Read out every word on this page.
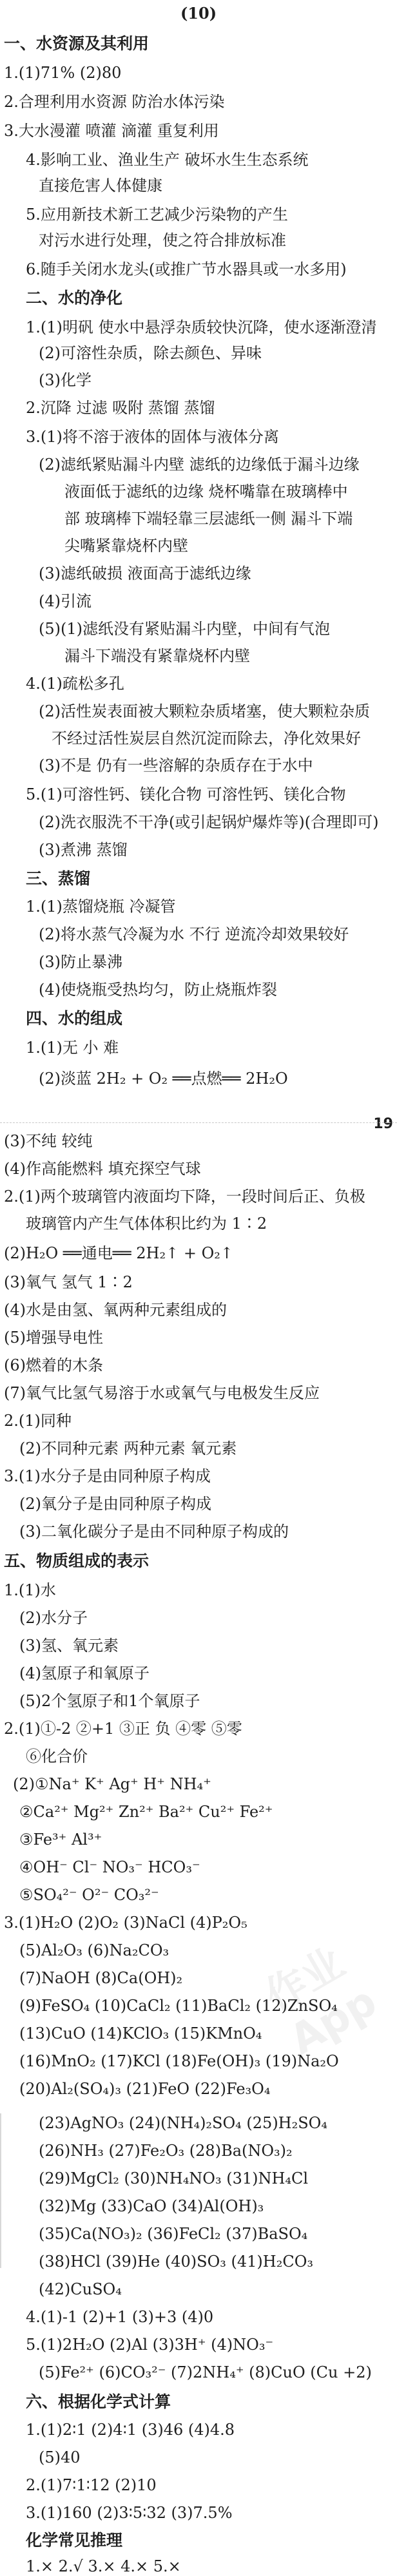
(10)
19
作业App
一、水资源及其利用
1.(1)71% (2)80
2.合理利用水资源 防治水体污染
3.大水漫灌 喷灌 滴灌 重复利用
4.影响工业、渔业生产 破坏水生生态系统
直接危害人体健康
5.应用新技术新工艺减少污染物的产生
对污水进行处理，使之符合排放标准
6.随手关闭水龙头(或推广节水器具或一水多用)
二、水的净化
1.(1)明矾 使水中悬浮杂质较快沉降，使水逐渐澄清
(2)可溶性杂质，除去颜色、异味
(3)化学
2.沉降 过滤 吸附 蒸馏 蒸馏
3.(1)将不溶于液体的固体与液体分离
(2)滤纸紧贴漏斗内壁 滤纸的边缘低于漏斗边缘
液面低于滤纸的边缘 烧杯嘴靠在玻璃棒中
部 玻璃棒下端轻靠三层滤纸一侧 漏斗下端
尖嘴紧靠烧杯内壁
(3)滤纸破损 液面高于滤纸边缘
(4)引流
(5)(1)滤纸没有紧贴漏斗内壁，中间有气泡
漏斗下端没有紧靠烧杯内壁
4.(1)疏松多孔
(2)活性炭表面被大颗粒杂质堵塞，使大颗粒杂质
不经过活性炭层自然沉淀而除去，净化效果好
(3)不是 仍有一些溶解的杂质存在于水中
5.(1)可溶性钙、镁化合物 可溶性钙、镁化合物
(2)洗衣服洗不干净(或引起锅炉爆炸等)(合理即可)
(3)煮沸 蒸馏
三、蒸馏
1.(1)蒸馏烧瓶 冷凝管
(2)将水蒸气冷凝为水 不行 逆流冷却效果较好
(3)防止暴沸
(4)使烧瓶受热均匀，防止烧瓶炸裂
四、水的组成
1.(1)无 小 难
(2)淡蓝 2H₂ + O₂ ══点燃══ 2H₂O
(3)不纯 较纯
(4)作高能燃料 填充探空气球
2.(1)两个玻璃管内液面均下降，一段时间后正、负极
玻璃管内产生气体体积比约为 1∶2
(2)H₂O ══通电══ 2H₂↑ + O₂↑
(3)氧气 氢气 1∶2
(4)水是由氢、氧两种元素组成的
(5)增强导电性
(6)燃着的木条
(7)氧气比氢气易溶于水或氧气与电极发生反应
2.(1)同种
(2)不同种元素 两种元素 氧元素
3.(1)水分子是由同种原子构成
(2)氧分子是由同种原子构成
(3)二氧化碳分子是由不同种原子构成的
五、物质组成的表示
1.(1)水
(2)水分子
(3)氢、氧元素
(4)氢原子和氧原子
(5)2个氢原子和1个氧原子
2.(1)①-2 ②+1 ③正 负 ④零 ⑤零
⑥化合价
(2)①Na⁺ K⁺ Ag⁺ H⁺ NH₄⁺
②Ca²⁺ Mg²⁺ Zn²⁺ Ba²⁺ Cu²⁺ Fe²⁺
③Fe³⁺ Al³⁺
④OH⁻ Cl⁻ NO₃⁻ HCO₃⁻
⑤SO₄²⁻ O²⁻ CO₃²⁻
3.(1)H₂O (2)O₂ (3)NaCl (4)P₂O₅
(5)Al₂O₃ (6)Na₂CO₃
(7)NaOH (8)Ca(OH)₂
(9)FeSO₄ (10)CaCl₂ (11)BaCl₂ (12)ZnSO₄
(13)CuO (14)KClO₃ (15)KMnO₄
(16)MnO₂ (17)KCl (18)Fe(OH)₃ (19)Na₂O
(20)Al₂(SO₄)₃ (21)FeO (22)Fe₃O₄
(23)AgNO₃ (24)(NH₄)₂SO₄ (25)H₂SO₄
(26)NH₃ (27)Fe₂O₃ (28)Ba(NO₃)₂
(29)MgCl₂ (30)NH₄NO₃ (31)NH₄Cl
(32)Mg (33)CaO (34)Al(OH)₃
(35)Ca(NO₃)₂ (36)FeCl₂ (37)BaSO₄
(38)HCl (39)He (40)SO₃ (41)H₂CO₃
(42)CuSO₄
4.(1)-1 (2)+1 (3)+3 (4)0
5.(1)2H₂O (2)Al (3)3H⁺ (4)NO₃⁻
(5)Fe²⁺ (6)CO₃²⁻ (7)2NH₄⁺ (8)CuO (Cu +2)
六、根据化学式计算
1.(1)2∶1 (2)4∶1 (3)46 (4)4.8
(5)40
2.(1)7∶1∶12 (2)10
3.(1)160 (2)3∶5∶32 (3)7.5%
化学常见推理
1.× 2.√ 3.× 4.× 5.×
